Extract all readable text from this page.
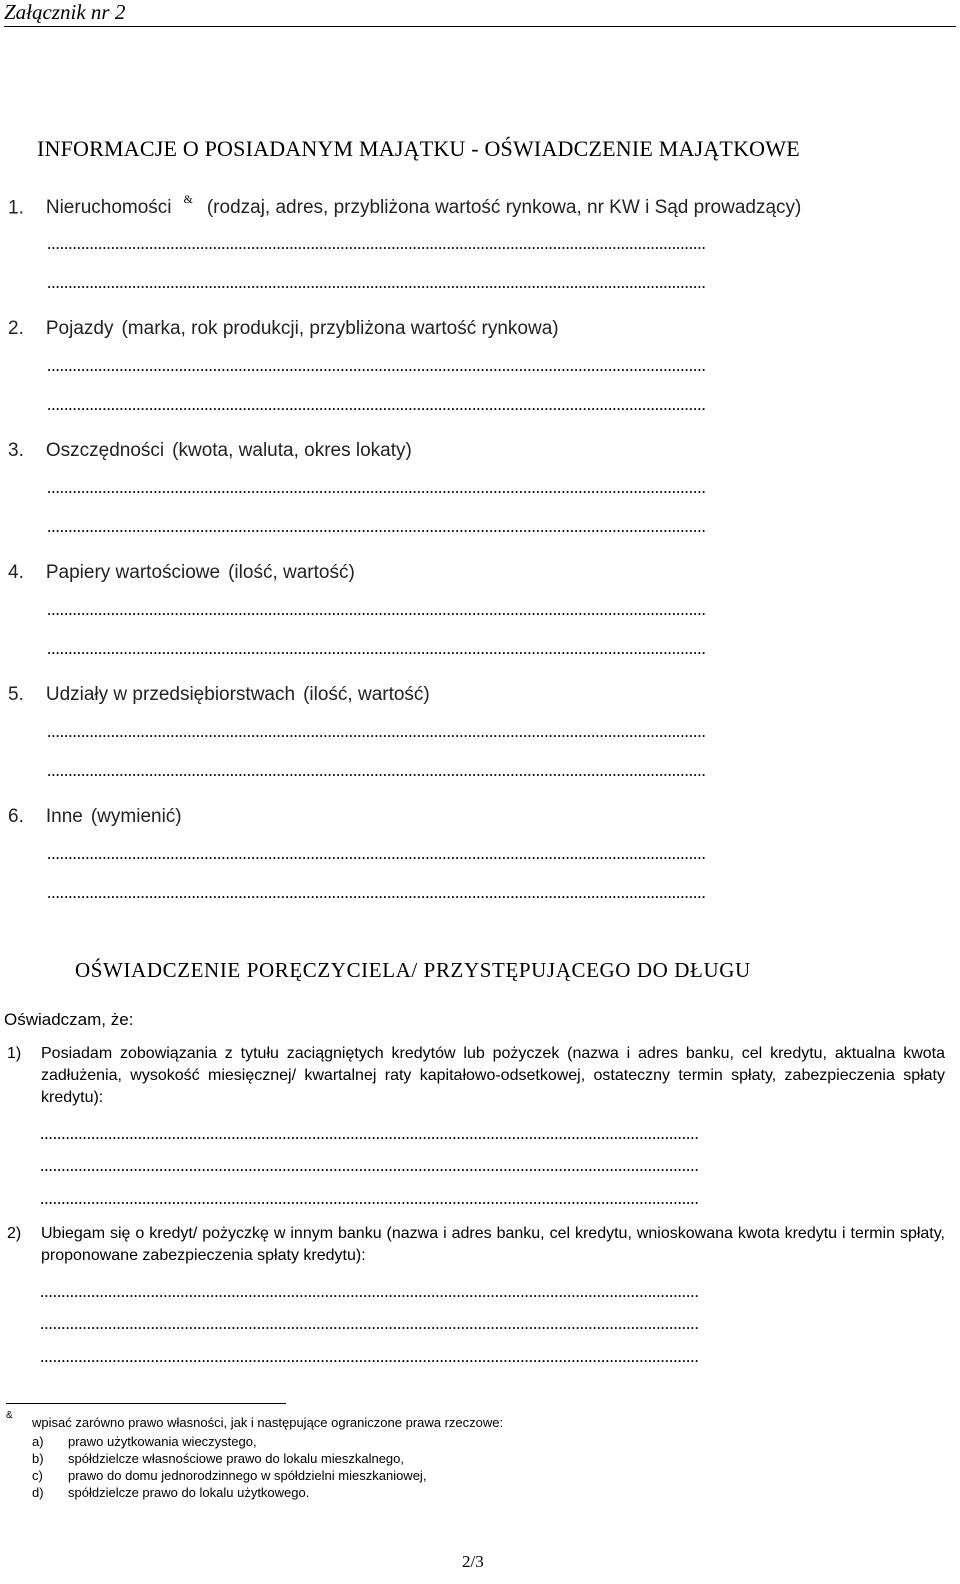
Załącznik nr 2
INFORMACJE O POSIADANYM MAJĄTKU - OŚWIADCZENIE MAJĄTKOWE
1. Nieruchomości & (rodzaj, adres, przybliżona wartość rynkowa, nr KW i Sąd prowadzący)
...........................................................................................................................................................
...........................................................................................................................................................
2. Pojazdy (marka, rok produkcji, przybliżona wartość rynkowa)
...........................................................................................................................................................
...........................................................................................................................................................
3. Oszczędności (kwota, waluta, okres lokaty)
...........................................................................................................................................................
...........................................................................................................................................................
4. Papiery wartościowe (ilość, wartość)
...........................................................................................................................................................
...........................................................................................................................................................
5. Udziały w przedsiębiorstwach (ilość, wartość)
...........................................................................................................................................................
...........................................................................................................................................................
6. Inne (wymienić)
...........................................................................................................................................................
...........................................................................................................................................................
OŚWIADCZENIE PORĘCZYCIELA/ PRZYSTĘPUJĄCEGO DO DŁUGU
Oświadczam, że:
1) Posiadam zobowiązania z tytułu zaciągniętych kredytów lub pożyczek (nazwa i adres banku, cel kredytu, aktualna kwota zadłużenia, wysokość miesięcznej/ kwartalnej raty kapitałowo-odsetkowej, ostateczny termin spłaty, zabezpieczenia spłaty kredytu):
...........................................................................................................................................................
...........................................................................................................................................................
...........................................................................................................................................................
2) Ubiegam się o kredyt/ pożyczkę w innym banku (nazwa i adres banku, cel kredytu, wnioskowana kwota kredytu i termin spłaty, proponowane zabezpieczenia spłaty kredytu):
...........................................................................................................................................................
...........................................................................................................................................................
...........................................................................................................................................................
& wpisać zarówno prawo własności, jak i następujące ograniczone prawa rzeczowe:
a) prawo użytkowania wieczystego,
b) spółdzielcze własnościowe prawo do lokalu mieszkalnego,
c) prawo do domu jednorodzinnego w spółdzielni mieszkaniowej,
d) spółdzielcze prawo do lokalu użytkowego.
2/3
